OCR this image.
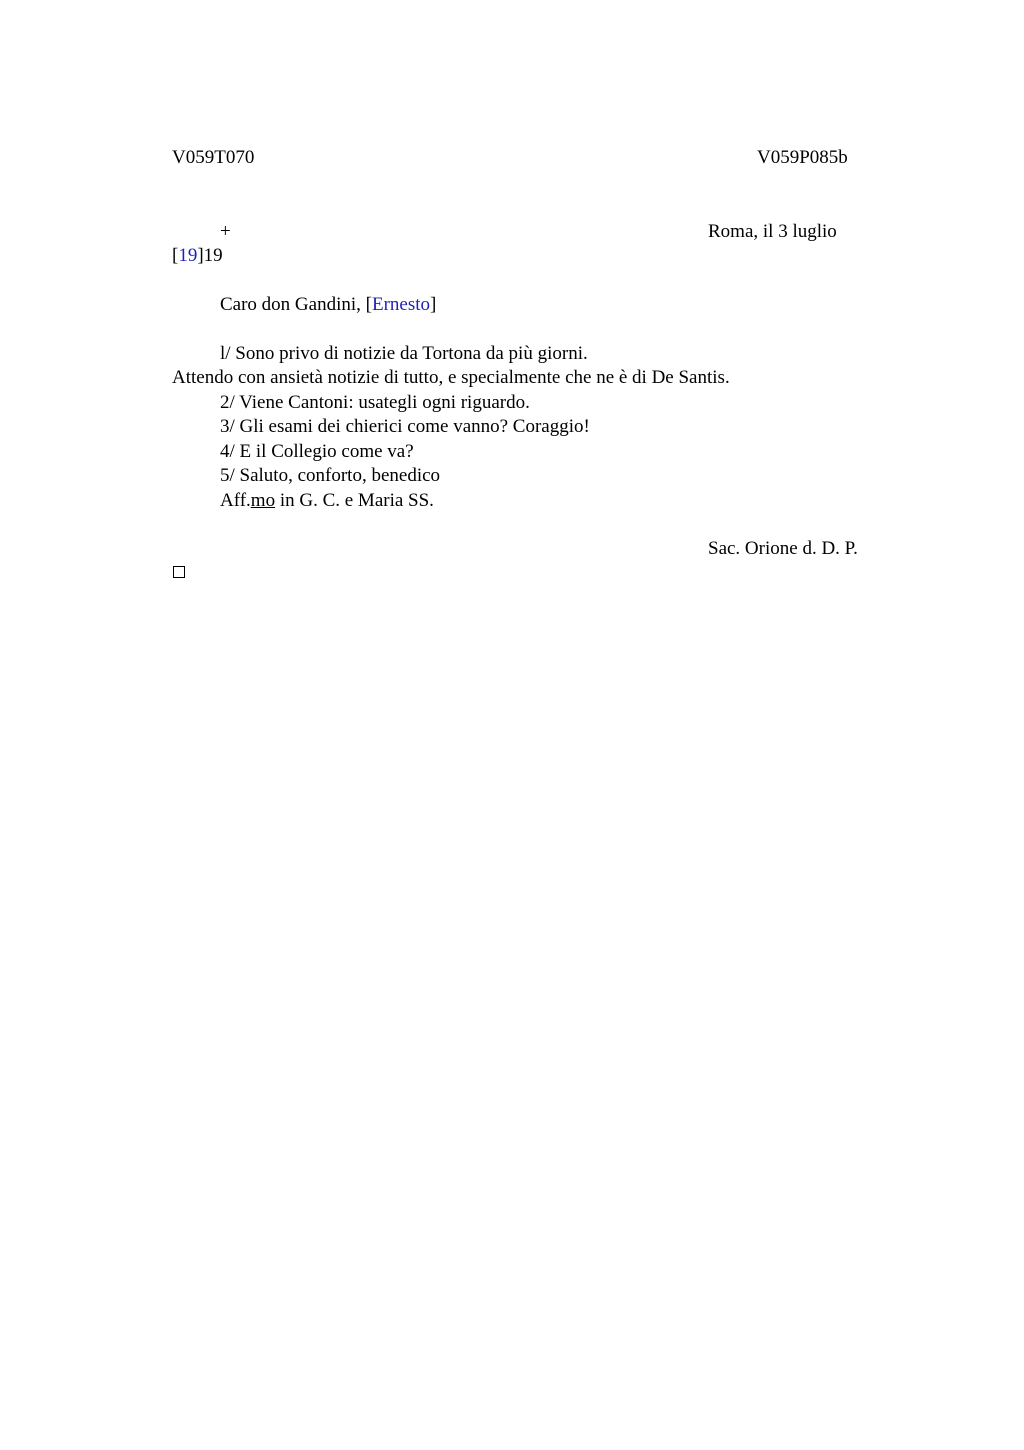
V059T070	V059P085b
+	Roma, il 3 luglio
[19]19
Caro don Gandini, [Ernesto]
l/ Sono privo di notizie da Tortona da più giorni.
Attendo con ansietà notizie di tutto, e specialmente che ne è di De Santis.
2/ Viene Cantoni: usategli ogni riguardo.
3/ Gli esami dei chierici come vanno? Coraggio!
4/ E il Collegio come va?
5/ Saluto, conforto, benedico
Aff.mo in G. C. e Maria SS.
Sac. Orione d. D. P.
